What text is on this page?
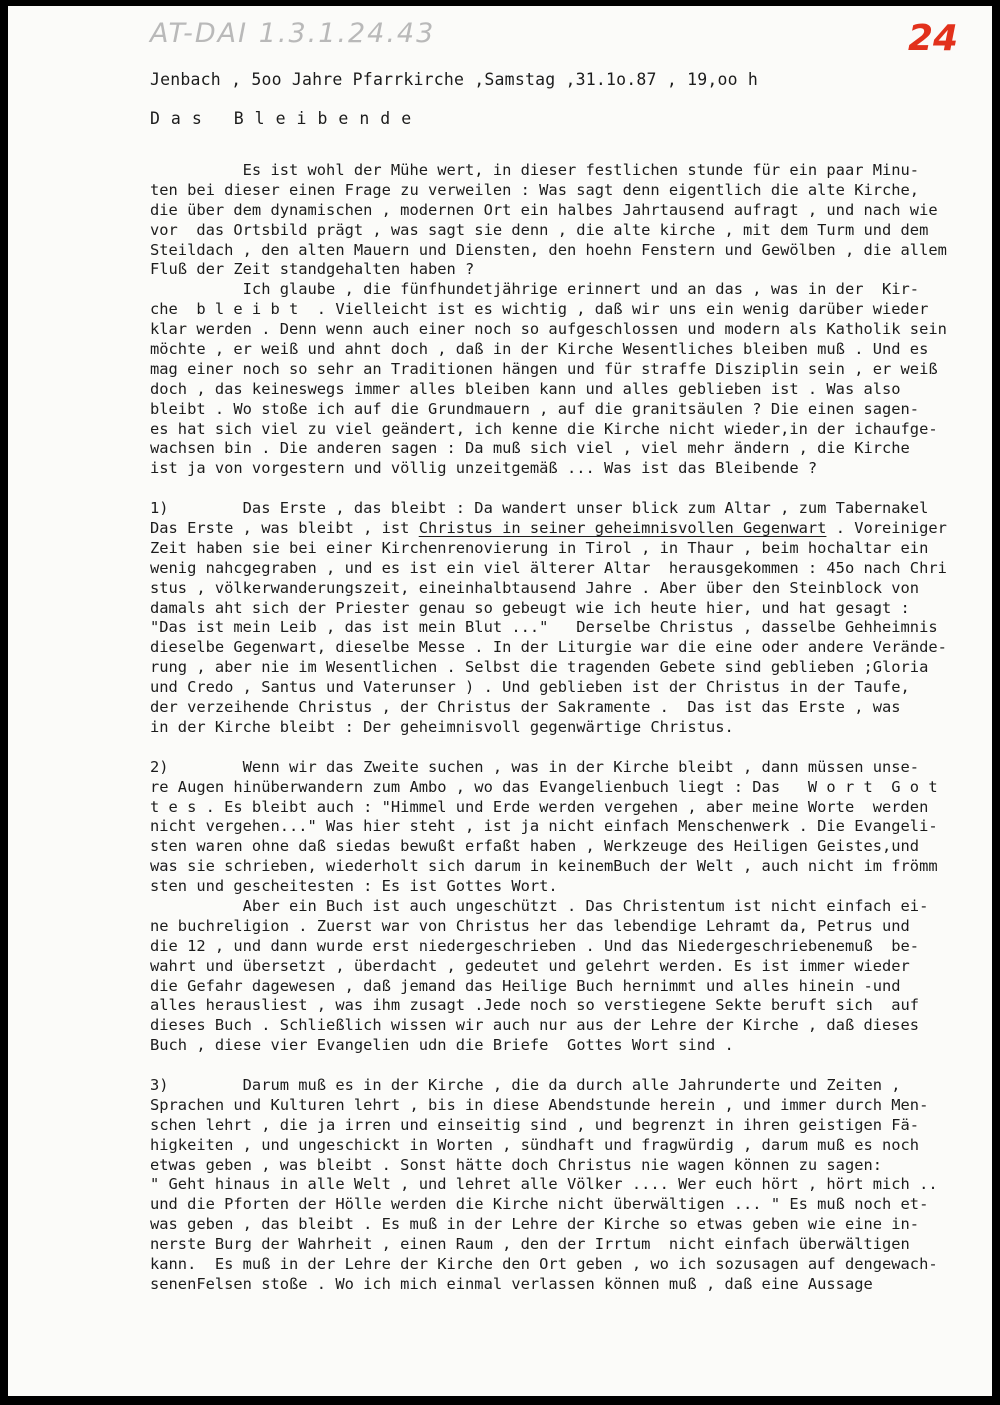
AT-DAI 1.3.1.24.43	24
Jenbach , 5oo Jahre Pfarrkirche ,Samstag ,31.1o.87 , 19,oo h
Das Bleibende
Es ist wohl der Mühe wert, in dieser festlichen stunde für ein paar Minu-
ten bei dieser einen Frage zu verweilen : Was sagt denn eigentlich die alte Kirche,
die über dem dynamischen , modernen Ort ein halbes Jahrtausend aufragt , und nach wie
vor  das Ortsbild prägt , was sagt sie denn , die alte kirche , mit dem Turm und dem
Steildach , den alten Mauern und Diensten, den hoehn Fenstern und Gewölben , die allem
Fluß der Zeit standgehalten haben ?
Ich glaube , die fünfhundetjährige erinnert und an das , was in der  Kir-
che  b l e i b t  . Vielleicht ist es wichtig , daß wir uns ein wenig darüber wieder
klar werden . Denn wenn auch einer noch so aufgeschlossen und modern als Katholik sein
möchte , er weiß und ahnt doch , daß in der Kirche Wesentliches bleiben muß . Und es
mag einer noch so sehr an Traditionen hängen und für straffe Disziplin sein , er weiß
doch , das keineswegs immer alles bleiben kann und alles geblieben ist . Was also
bleibt . Wo stoße ich auf die Grundmauern , auf die granitsäulen ? Die einen sagen-
es hat sich viel zu viel geändert, ich kenne die Kirche nicht wieder,in der ichaufge-
wachsen bin . Die anderen sagen : Da muß sich viel , viel mehr ändern , die Kirche
ist ja von vorgestern und völlig unzeitgemäß ... Was ist das Bleibende ?
1)        Das Erste , das bleibt : Da wandert unser blick zum Altar , zum Tabernakel
Das Erste , was bleibt , ist Christus in seiner geheimnisvollen Gegenwart . Voreiniger
Zeit haben sie bei einer Kirchenrenovierung in Tirol , in Thaur , beim hochaltar ein
wenig nahcgegraben , und es ist ein viel älterer Altar  herausgekommen : 45o nach Chri
stus , völkerwanderungszeit, eineinhalbtausend Jahre . Aber über den Steinblock von
damals aht sich der Priester genau so gebeugt wie ich heute hier, und hat gesagt :
"Das ist mein Leib , das ist mein Blut ..."   Derselbe Christus , dasselbe Gehheimnis
dieselbe Gegenwart, dieselbe Messe . In der Liturgie war die eine oder andere Verände-
rung , aber nie im Wesentlichen . Selbst die tragenden Gebete sind geblieben ;Gloria
und Credo , Santus und Vaterunser ) . Und geblieben ist der Christus in der Taufe,
der verzeihende Christus , der Christus der Sakramente .  Das ist das Erste , was
in der Kirche bleibt : Der geheimnisvoll gegenwärtige Christus.
2)        Wenn wir das Zweite suchen , was in der Kirche bleibt , dann müssen unse-
re Augen hinüberwandern zum Ambo , wo das Evangelienbuch liegt : Das   W o r t  G o t
t e s . Es bleibt auch : "Himmel und Erde werden vergehen , aber meine Worte  werden
nicht vergehen..." Was hier steht , ist ja nicht einfach Menschenwerk . Die Evangeli-
sten waren ohne daß siedas bewußt erfaßt haben , Werkzeuge des Heiligen Geistes,und
was sie schrieben, wiederholt sich darum in keinemBuch der Welt , auch nicht im frömm
sten und gescheitesten : Es ist Gottes Wort.
Aber ein Buch ist auch ungeschützt . Das Christentum ist nicht einfach ei-
ne buchreligion . Zuerst war von Christus her das lebendige Lehramt da, Petrus und
die 12 , und dann wurde erst niedergeschrieben . Und das Niedergeschriebenemuß  be-
wahrt und übersetzt , überdacht , gedeutet und gelehrt werden. Es ist immer wieder
die Gefahr dagewesen , daß jemand das Heilige Buch hernimmt und alles hinein -und
alles herausliest , was ihm zusagt .Jede noch so verstiegene Sekte beruft sich  auf
dieses Buch . Schließlich wissen wir auch nur aus der Lehre der Kirche , daß dieses
Buch , diese vier Evangelien udn die Briefe  Gottes Wort sind .
3)        Darum muß es in der Kirche , die da durch alle Jahrunderte und Zeiten ,
Sprachen und Kulturen lehrt , bis in diese Abendstunde herein , und immer durch Men-
schen lehrt , die ja irren und einseitig sind , und begrenzt in ihren geistigen Fä-
higkeiten , und ungeschickt in Worten , sündhaft und fragwürdig , darum muß es noch
etwas geben , was bleibt . Sonst hätte doch Christus nie wagen können zu sagen:
" Geht hinaus in alle Welt , und lehret alle Völker .... Wer euch hört , hört mich ..
und die Pforten der Hölle werden die Kirche nicht überwältigen ... " Es muß noch et-
was geben , das bleibt . Es muß in der Lehre der Kirche so etwas geben wie eine in-
nerste Burg der Wahrheit , einen Raum , den der Irrtum  nicht einfach überwältigen
kann.  Es muß in der Lehre der Kirche den Ort geben , wo ich sozusagen auf dengewach-
senenFelsen stoße . Wo ich mich einmal verlassen können muß , daß eine Aussage
